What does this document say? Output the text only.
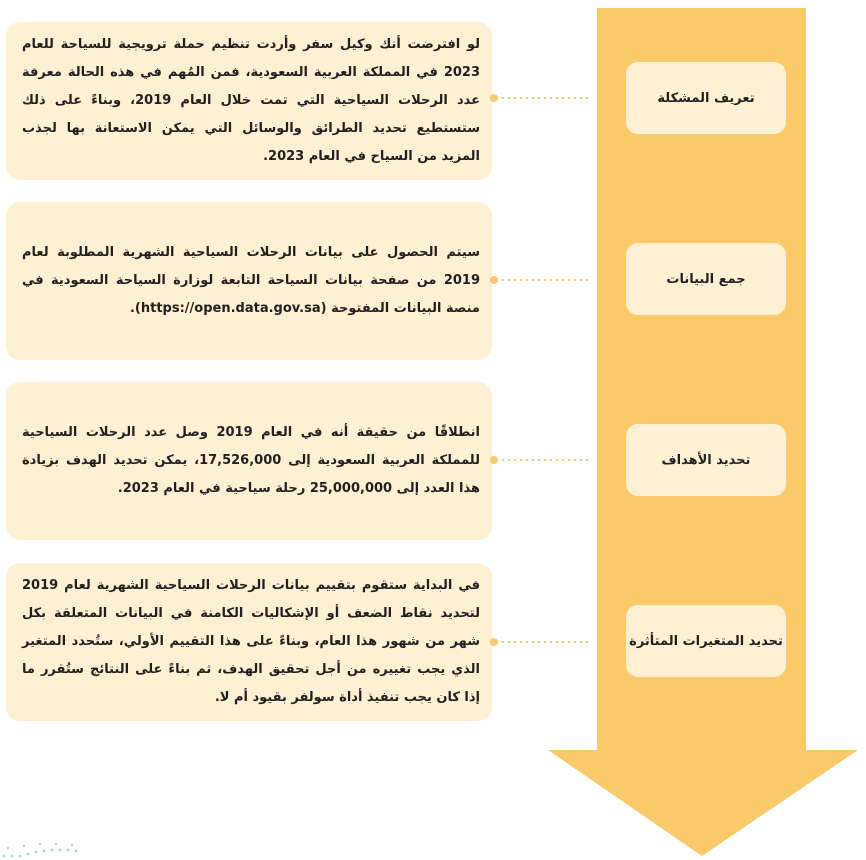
لو افترضت أنك وكيل سفر وأردت تنظيم حملة ترويجية للسياحة للعام 2023 في المملكة العربية السعودية، فمن المُهم في هذه الحالة معرفة عدد الرحلات السياحية التي تمت خلال العام 2019، وبناءً على ذلك ستستطيع تحديد الطرائق والوسائل التي يمكن الاستعانة بها لجذب المزيد من السياح في العام 2023.
تعريف المشكلة
سيتم الحصول على بيانات الرحلات السياحية الشهرية المطلوبة لعام 2019 من صفحة بيانات السياحة التابعة لوزارة السياحة السعودية في منصة البيانات المفتوحة (https://open.data.gov.sa).
جمع البيانات
انطلاقًا من حقيقة أنه في العام 2019 وصل عدد الرحلات السياحية للمملكة العربية السعودية إلى 17,526,000، يمكن تحديد الهدف بزيادة هذا العدد إلى 25,000,000 رحلة سياحية في العام 2023.
تحديد الأهداف
في البداية ستقوم بتقييم بيانات الرحلات السياحية الشهرية لعام 2019 لتحديد نقاط الضعف أو الإشكاليات الكامنة في البيانات المتعلقة بكل شهر من شهور هذا العام، وبناءً على هذا التقييم الأولي، ستُحدد المتغير الذي يجب تغييره من أجل تحقيق الهدف، ثم بناءً على النتائج ستُقرر ما إذا كان يجب تنفيذ أداة سولفر بقيود أم لا.
تحديد المتغيرات المتأثرة
